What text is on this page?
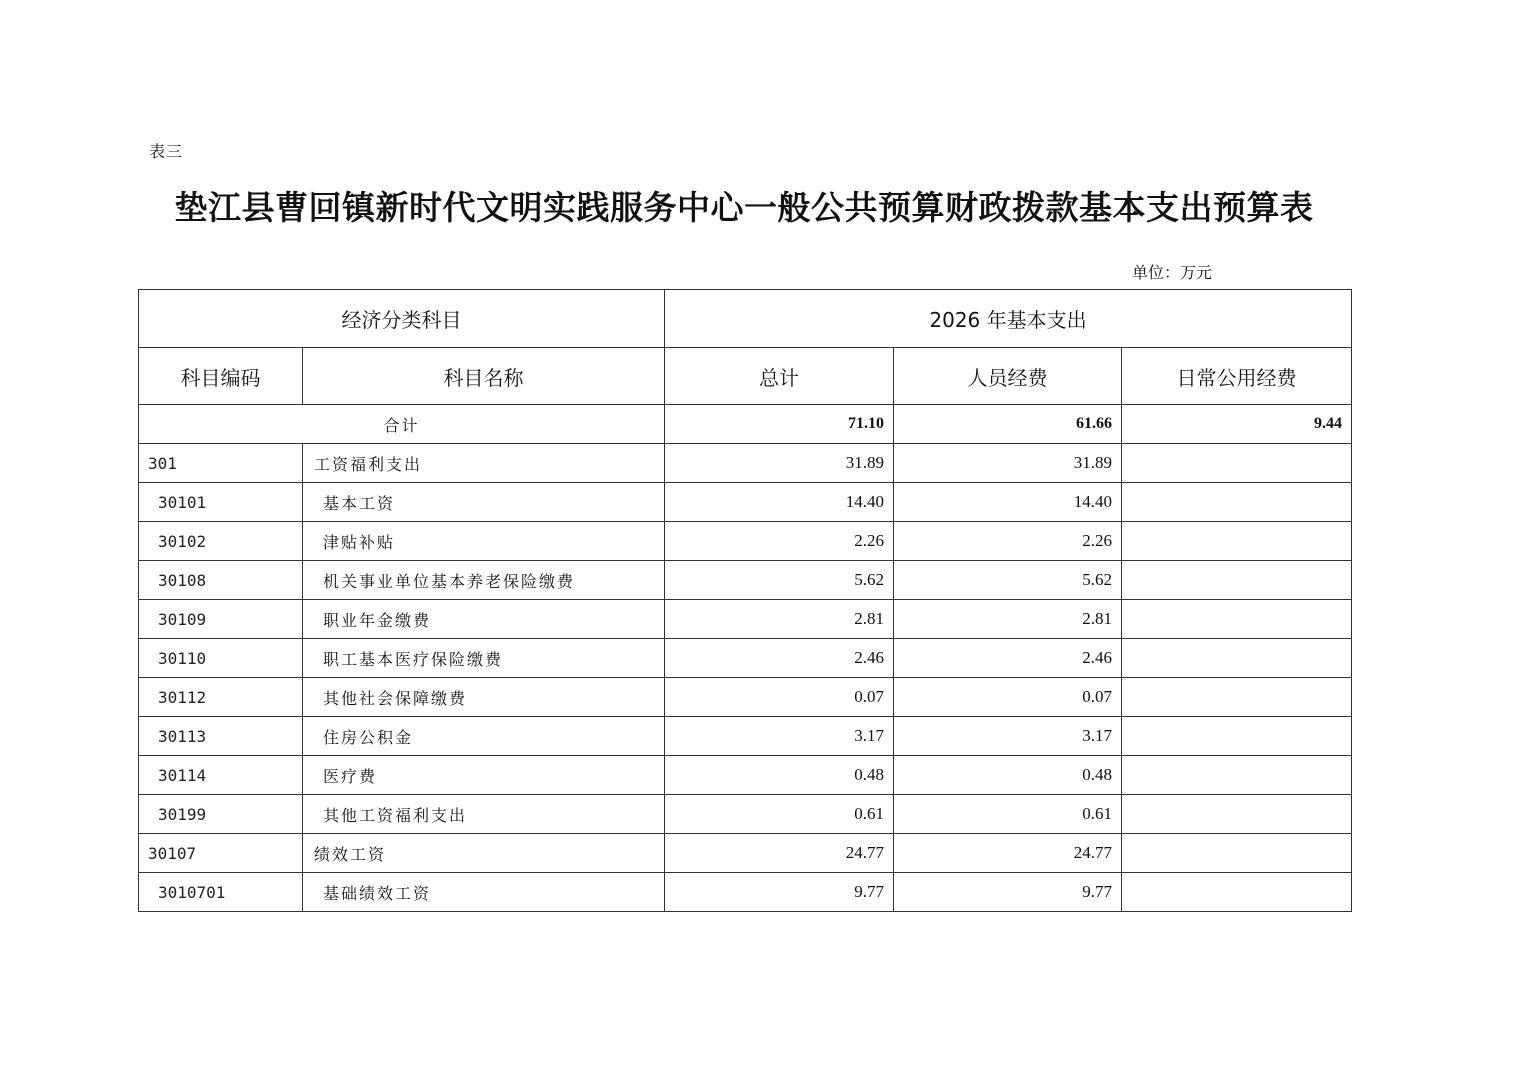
表三
垫江县曹回镇新时代文明实践服务中心一般公共预算财政拨款基本支出预算表
单位：万元
经济分类科目		2026 年基本支出		
科目编码	科目名称	总计	人员经费	日常公用经费
合计		71.10	61.66	9.44
301	工资福利支出	31.89	31.89	
30101	基本工资	14.40	14.40	
30102	津贴补贴	2.26	2.26	
30108	机关事业单位基本养老保险缴费	5.62	5.62	
30109	职业年金缴费	2.81	2.81	
30110	职工基本医疗保险缴费	2.46	2.46	
30112	其他社会保障缴费	0.07	0.07	
30113	住房公积金	3.17	3.17	
30114	医疗费	0.48	0.48	
30199	其他工资福利支出	0.61	0.61	
30107	绩效工资	24.77	24.77	
3010701	基础绩效工资	9.77	9.77	
